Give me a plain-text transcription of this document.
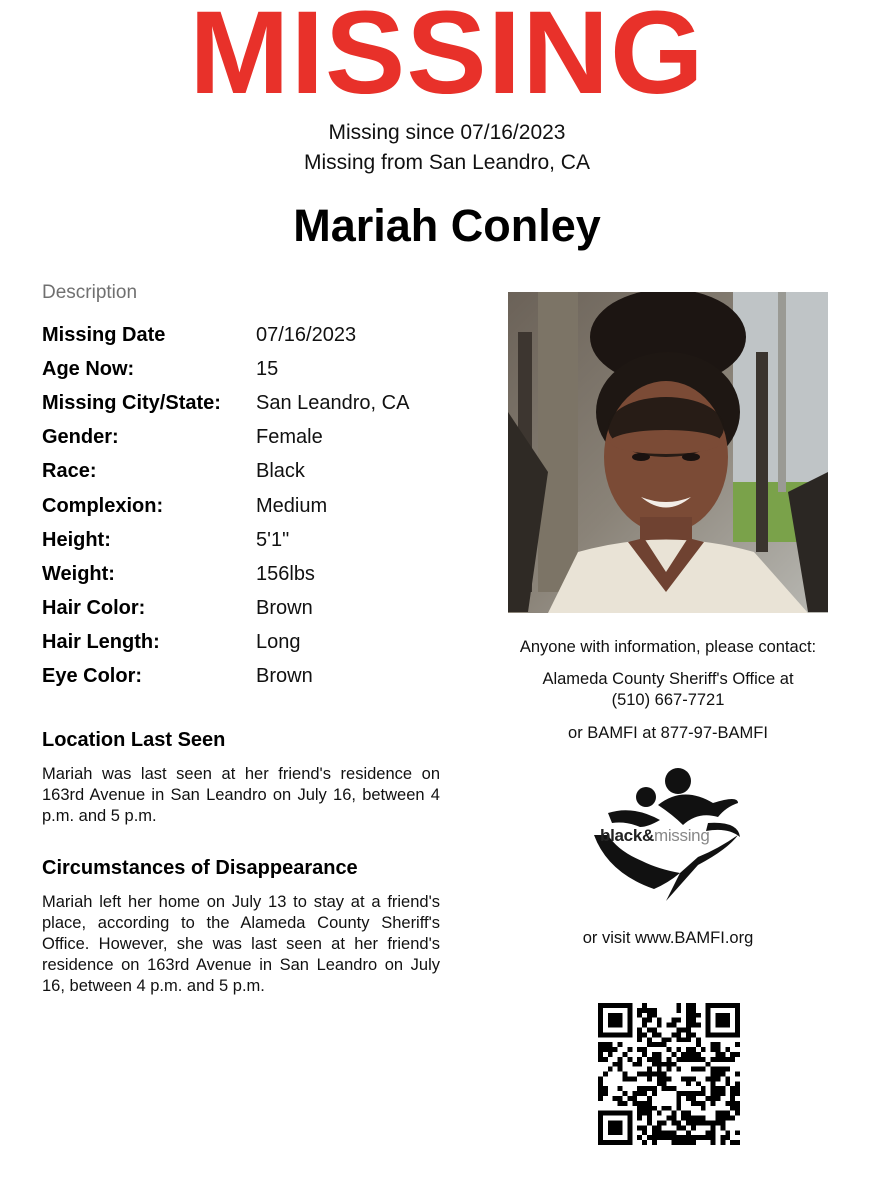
MISSING
Missing since 07/16/2023
Missing from San Leandro, CA
Mariah Conley
Description
Missing Date	07/16/2023
Age Now:	15
Missing City/State:	San Leandro, CA
Gender:	Female
Race:	Black
Complexion:	Medium
Height:	5'1"
Weight:	156lbs
Hair Color:	Brown
Hair Length:	Long
Eye Color:	Brown
Location Last Seen
Mariah was last seen at her friend's residence on 163rd Avenue in San Leandro on July 16, between 4 p.m. and 5 p.m.
Circumstances of Disappearance
Mariah left her home on July 13 to stay at a friend's place, according to the Alameda County Sheriff's Office. However, she was last seen at her friend's residence on 163rd Avenue in San Leandro on July 16, between 4 p.m. and 5 p.m.
Anyone with information, please contact:
Alameda County Sheriff's Office at
(510) 667-7721
or BAMFI at 877-97-BAMFI
black&missing
or visit www.BAMFI.org
